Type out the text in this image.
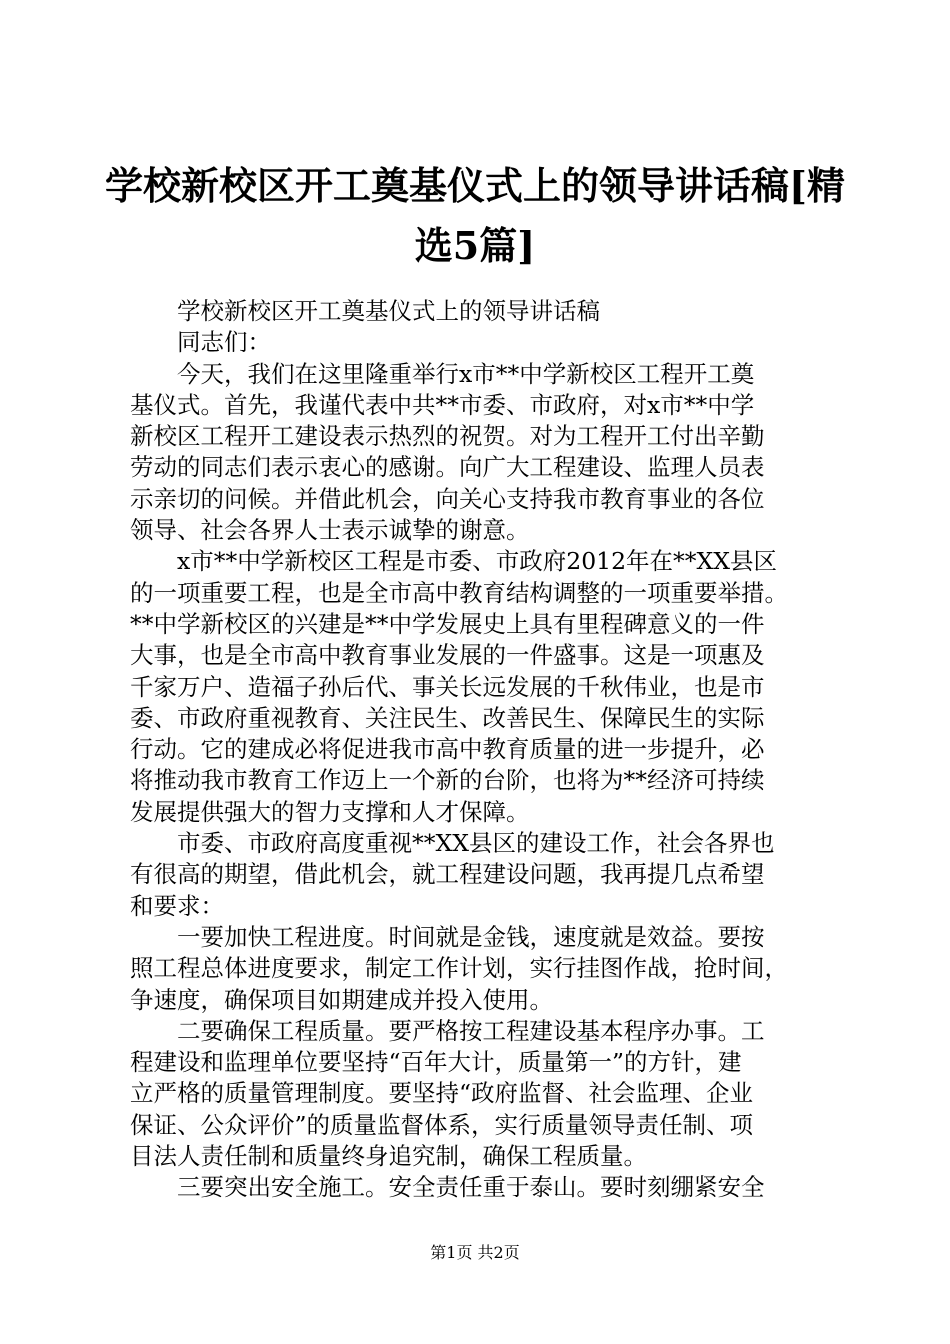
学校新校区开工奠基仪式上的领导讲话稿[精
选5篇]
学校新校区开工奠基仪式上的领导讲话稿
同志们：
今天，我们在这里隆重举行x市**中学新校区工程开工奠
基仪式。首先，我谨代表中共**市委、市政府，对x市**中学
新校区工程开工建设表示热烈的祝贺。对为工程开工付出辛勤
劳动的同志们表示衷心的感谢。向广大工程建设、监理人员表
示亲切的问候。并借此机会，向关心支持我市教育事业的各位
领导、社会各界人士表示诚挚的谢意。
x市**中学新校区工程是市委、市政府2012年在**XX县区
的一项重要工程，也是全市高中教育结构调整的一项重要举措。
**中学新校区的兴建是**中学发展史上具有里程碑意义的一件
大事，也是全市高中教育事业发展的一件盛事。这是一项惠及
千家万户、造福子孙后代、事关长远发展的千秋伟业，也是市
委、市政府重视教育、关注民生、改善民生、保障民生的实际
行动。它的建成必将促进我市高中教育质量的进一步提升，必
将推动我市教育工作迈上一个新的台阶，也将为**经济可持续
发展提供强大的智力支撑和人才保障。
市委、市政府高度重视**XX县区的建设工作，社会各界也
有很高的期望，借此机会，就工程建设问题，我再提几点希望
和要求：
一要加快工程进度。时间就是金钱，速度就是效益。要按
照工程总体进度要求，制定工作计划，实行挂图作战，抢时间，
争速度，确保项目如期建成并投入使用。
二要确保工程质量。要严格按工程建设基本程序办事。工
程建设和监理单位要坚持“百年大计，质量第一”的方针，建
立严格的质量管理制度。要坚持“政府监督、社会监理、企业
保证、公众评价”的质量监督体系，实行质量领导责任制、项
目法人责任制和质量终身追究制，确保工程质量。
三要突出安全施工。安全责任重于泰山。要时刻绷紧安全
第1页 共2页
